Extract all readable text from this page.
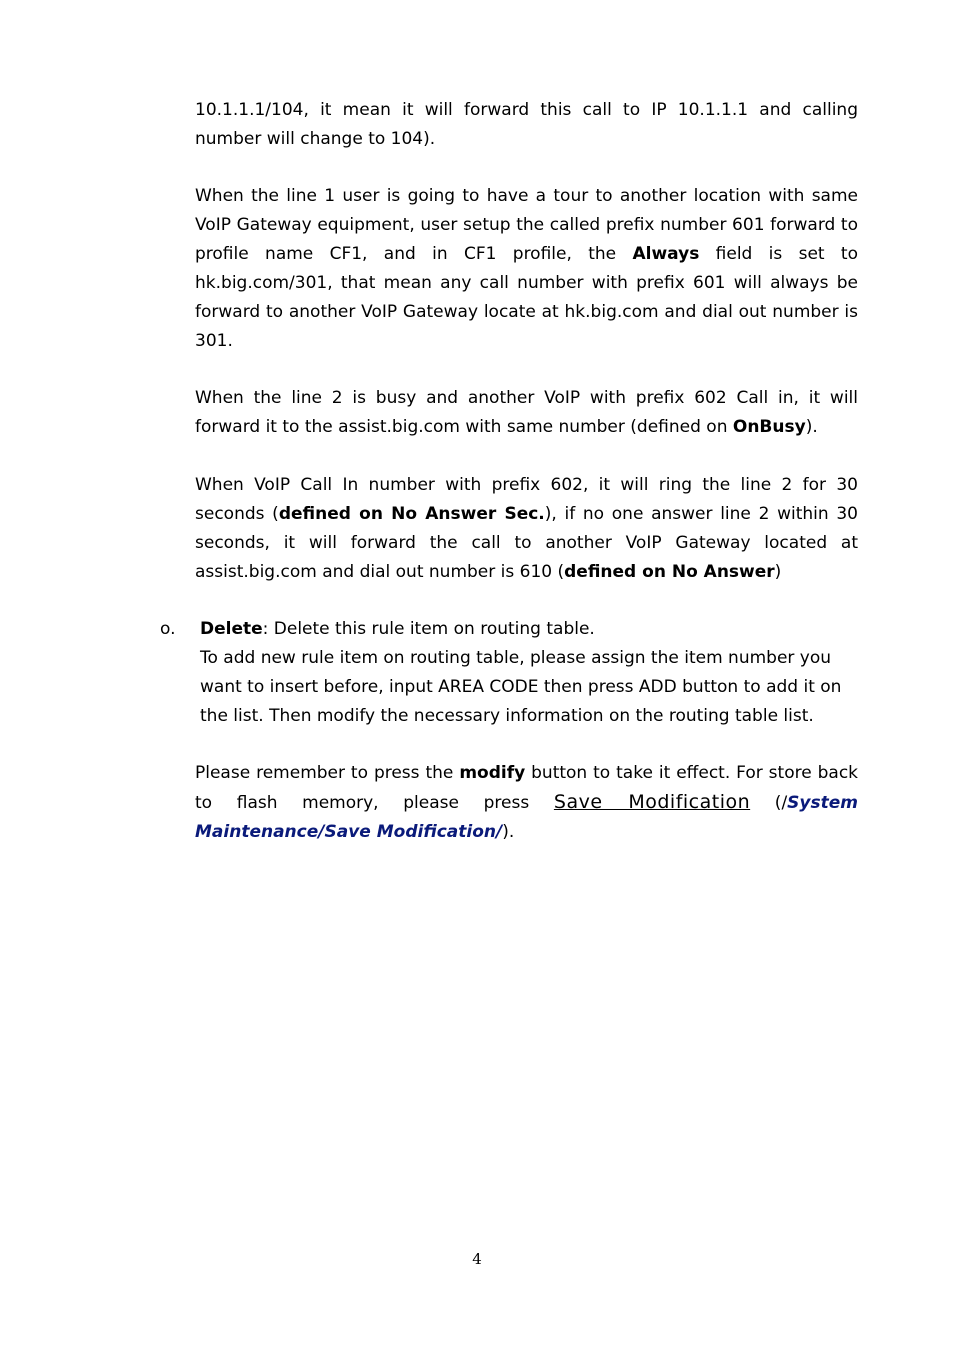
10.1.1.1/104, it mean it will forward this call to IP 10.1.1.1 and calling number will change to 104).

When the line 1 user is going to have a tour to another location with same VoIP Gateway equipment, user setup the called prefix number 601 forward to profile name CF1, and in CF1 profile, the Always field is set to hk.big.com/301, that mean any call number with prefix 601 will always be forward to another VoIP Gateway locate at hk.big.com and dial out number is 301.

When the line 2 is busy and another VoIP with prefix 602 Call in, it will forward it to the assist.big.com with same number (defined on OnBusy).

When VoIP Call In number with prefix 602, it will ring the line 2 for 30 seconds (defined on No Answer Sec.), if no one answer line 2 within 30 seconds, it will forward the call to another VoIP Gateway located at assist.big.com and dial out number is 610 (defined on No Answer)

o. Delete: Delete this rule item on routing table.
To add new rule item on routing table, please assign the item number you want to insert before, input AREA CODE then press ADD button to add it on the list. Then modify the necessary information on the routing table list.

Please remember to press the modify button to take it effect. For store back to flash memory, please press Save Modification (/System Maintenance/Save Modification/).

4
